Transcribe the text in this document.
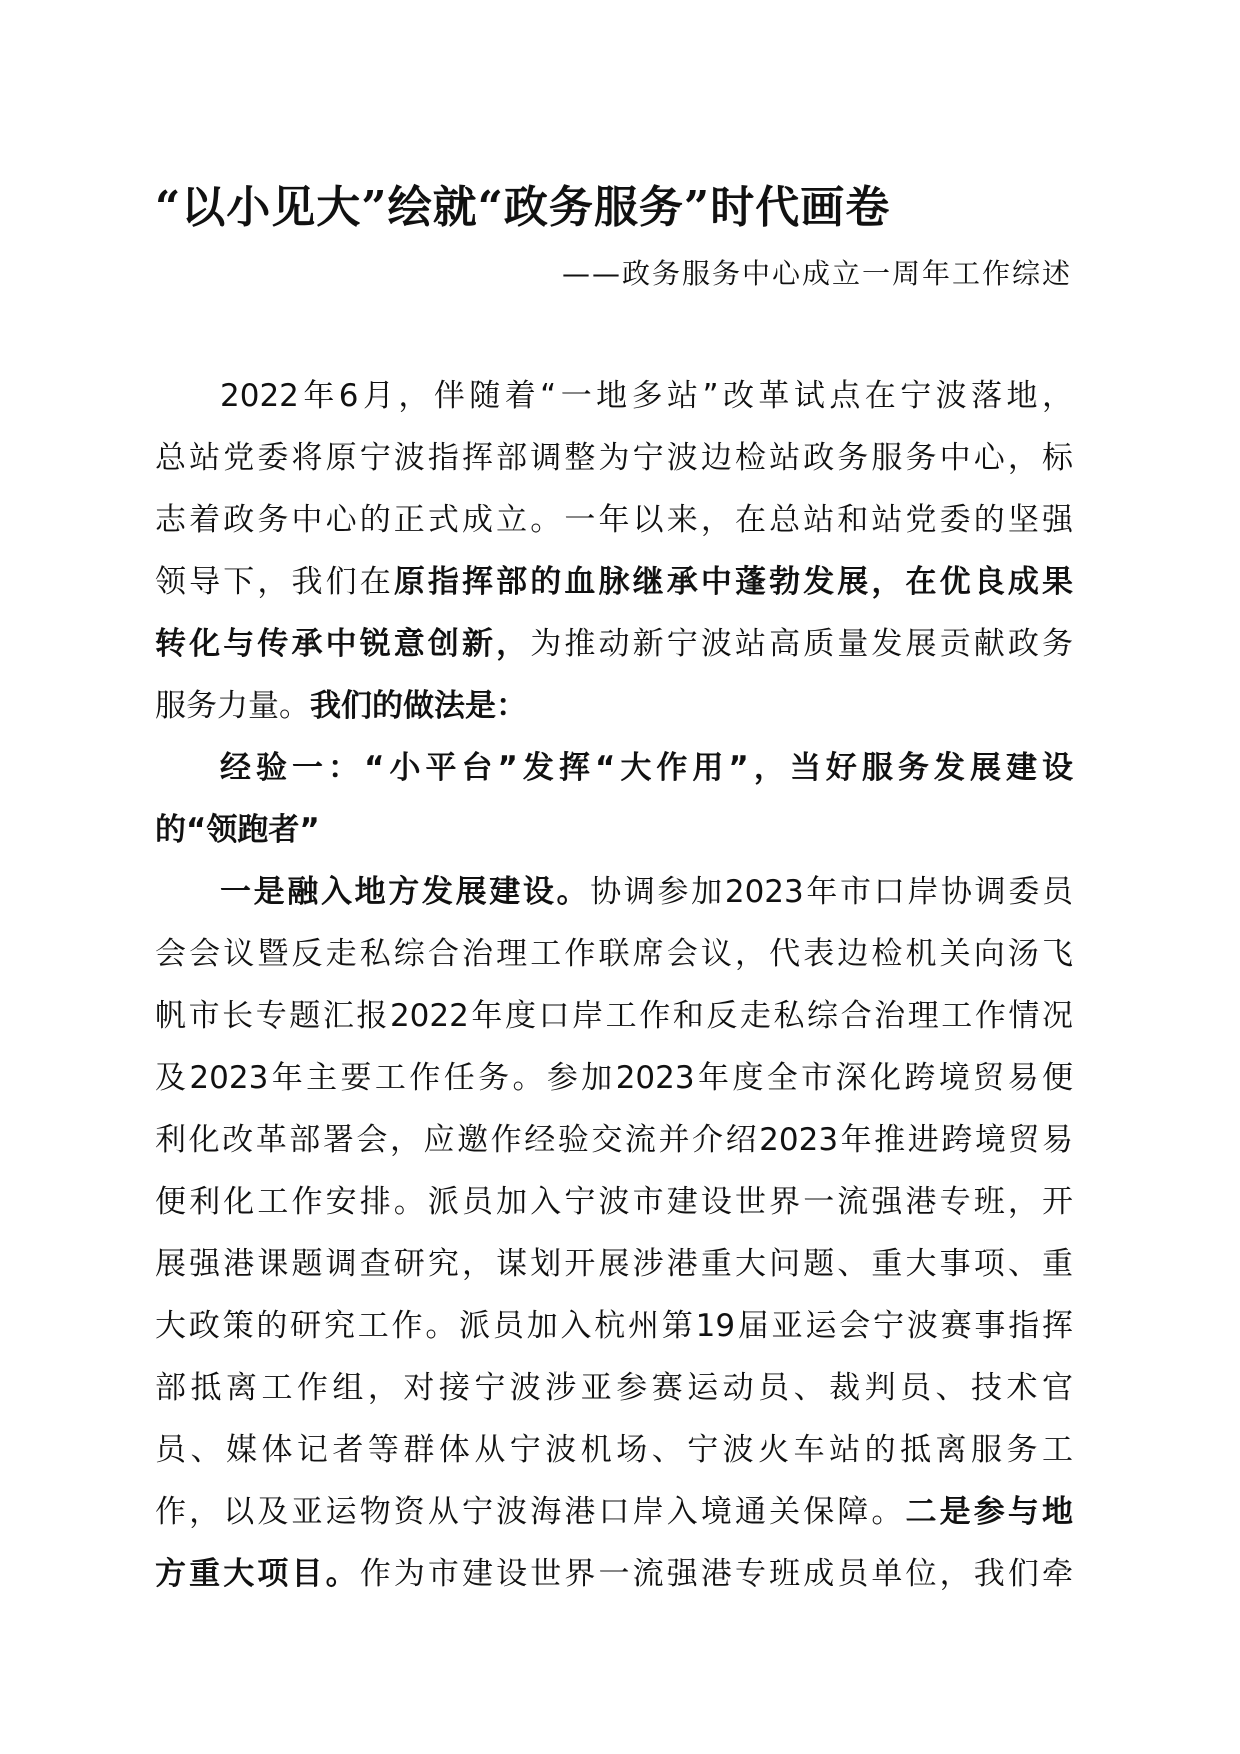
“以小见大”绘就“政务服务”时代画卷
——政务服务中心成立一周年工作综述
2022年6月，伴随着“一地多站”改革试点在宁波落地，
总站党委将原宁波指挥部调整为宁波边检站政务服务中心，标
志着政务中心的正式成立。一年以来，在总站和站党委的坚强
领导下，我们在原指挥部的血脉继承中蓬勃发展，在优良成果
转化与传承中锐意创新，为推动新宁波站高质量发展贡献政务
服务力量。我们的做法是：
经验一：“小平台”发挥“大作用”，当好服务发展建设
的“领跑者”
一是融入地方发展建设。协调参加2023年市口岸协调委员
会会议暨反走私综合治理工作联席会议，代表边检机关向汤飞
帆市长专题汇报2022年度口岸工作和反走私综合治理工作情况
及2023年主要工作任务。参加2023年度全市深化跨境贸易便
利化改革部署会，应邀作经验交流并介绍2023年推进跨境贸易
便利化工作安排。派员加入宁波市建设世界一流强港专班，开
展强港课题调查研究，谋划开展涉港重大问题、重大事项、重
大政策的研究工作。派员加入杭州第19届亚运会宁波赛事指挥
部抵离工作组，对接宁波涉亚参赛运动员、裁判员、技术官
员、媒体记者等群体从宁波机场、宁波火车站的抵离服务工
作，以及亚运物资从宁波海港口岸入境通关保障。二是参与地
方重大项目。作为市建设世界一流强港专班成员单位，我们牵
